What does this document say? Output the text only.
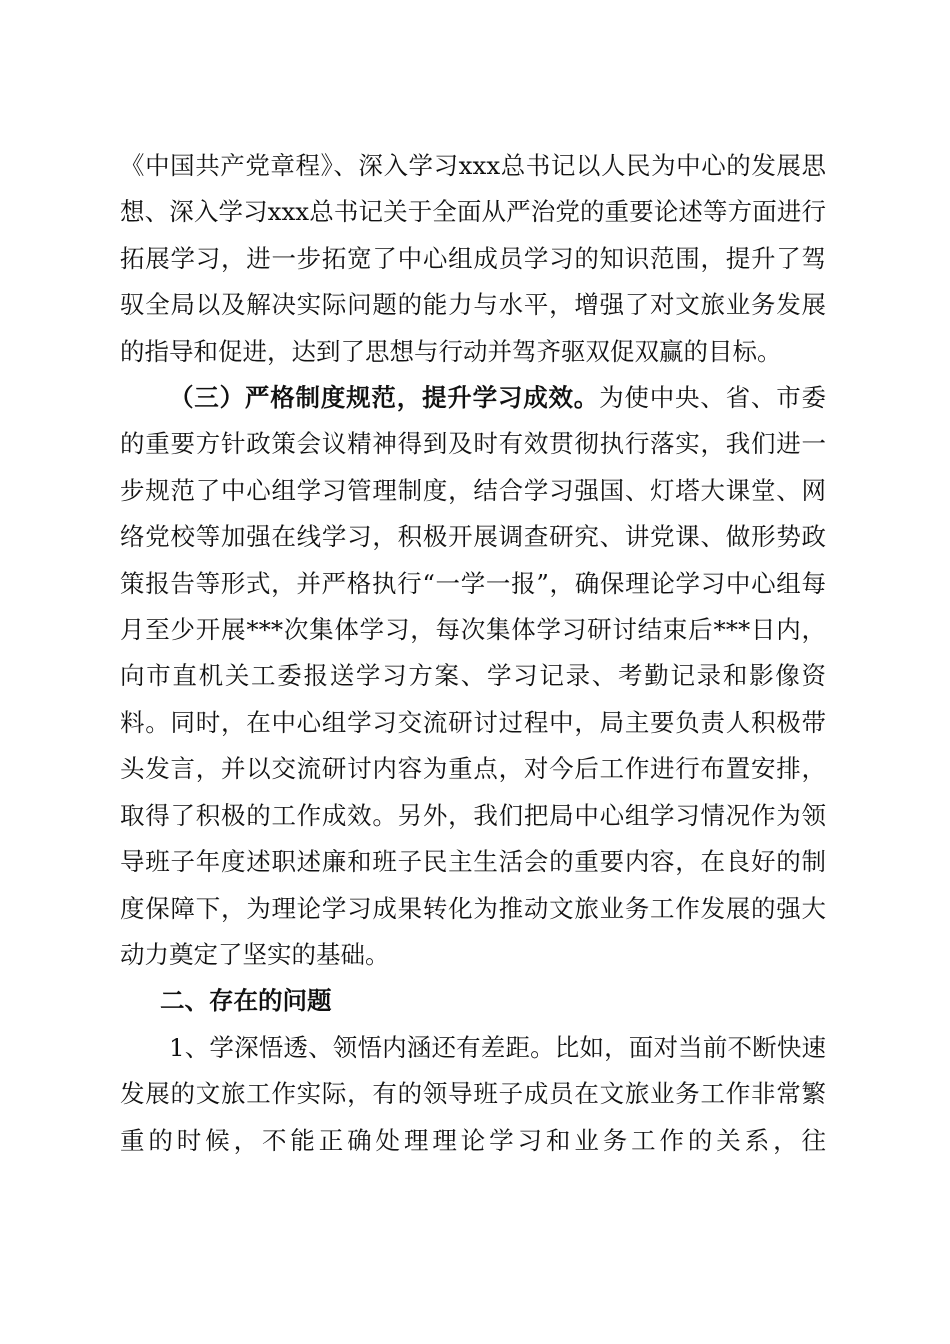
《中国共产党章程》、深入学习xxx总书记以人民为中心的发展思想、深入学习xxx总书记关于全面从严治党的重要论述等方面进行拓展学习，进一步拓宽了中心组成员学习的知识范围，提升了驾驭全局以及解决实际问题的能力与水平，增强了对文旅业务发展的指导和促进，达到了思想与行动并驾齐驱双促双赢的目标。

（三）严格制度规范，提升学习成效。为使中央、省、市委的重要方针政策会议精神得到及时有效贯彻执行落实，我们进一步规范了中心组学习管理制度，结合学习强国、灯塔大课堂、网络党校等加强在线学习，积极开展调查研究、讲党课、做形势政策报告等形式，并严格执行“一学一报”，确保理论学习中心组每月至少开展***次集体学习，每次集体学习研讨结束后***日内，向市直机关工委报送学习方案、学习记录、考勤记录和影像资料。同时，在中心组学习交流研讨过程中，局主要负责人积极带头发言，并以交流研讨内容为重点，对今后工作进行布置安排，取得了积极的工作成效。另外，我们把局中心组学习情况作为领导班子年度述职述廉和班子民主生活会的重要内容，在良好的制度保障下，为理论学习成果转化为推动文旅业务工作发展的强大动力奠定了坚实的基础。

二、存在的问题

1、学深悟透、领悟内涵还有差距。比如，面对当前不断快速发展的文旅工作实际，有的领导班子成员在文旅业务工作非常繁重的时候，不能正确处理理论学习和业务工作的关系，往
